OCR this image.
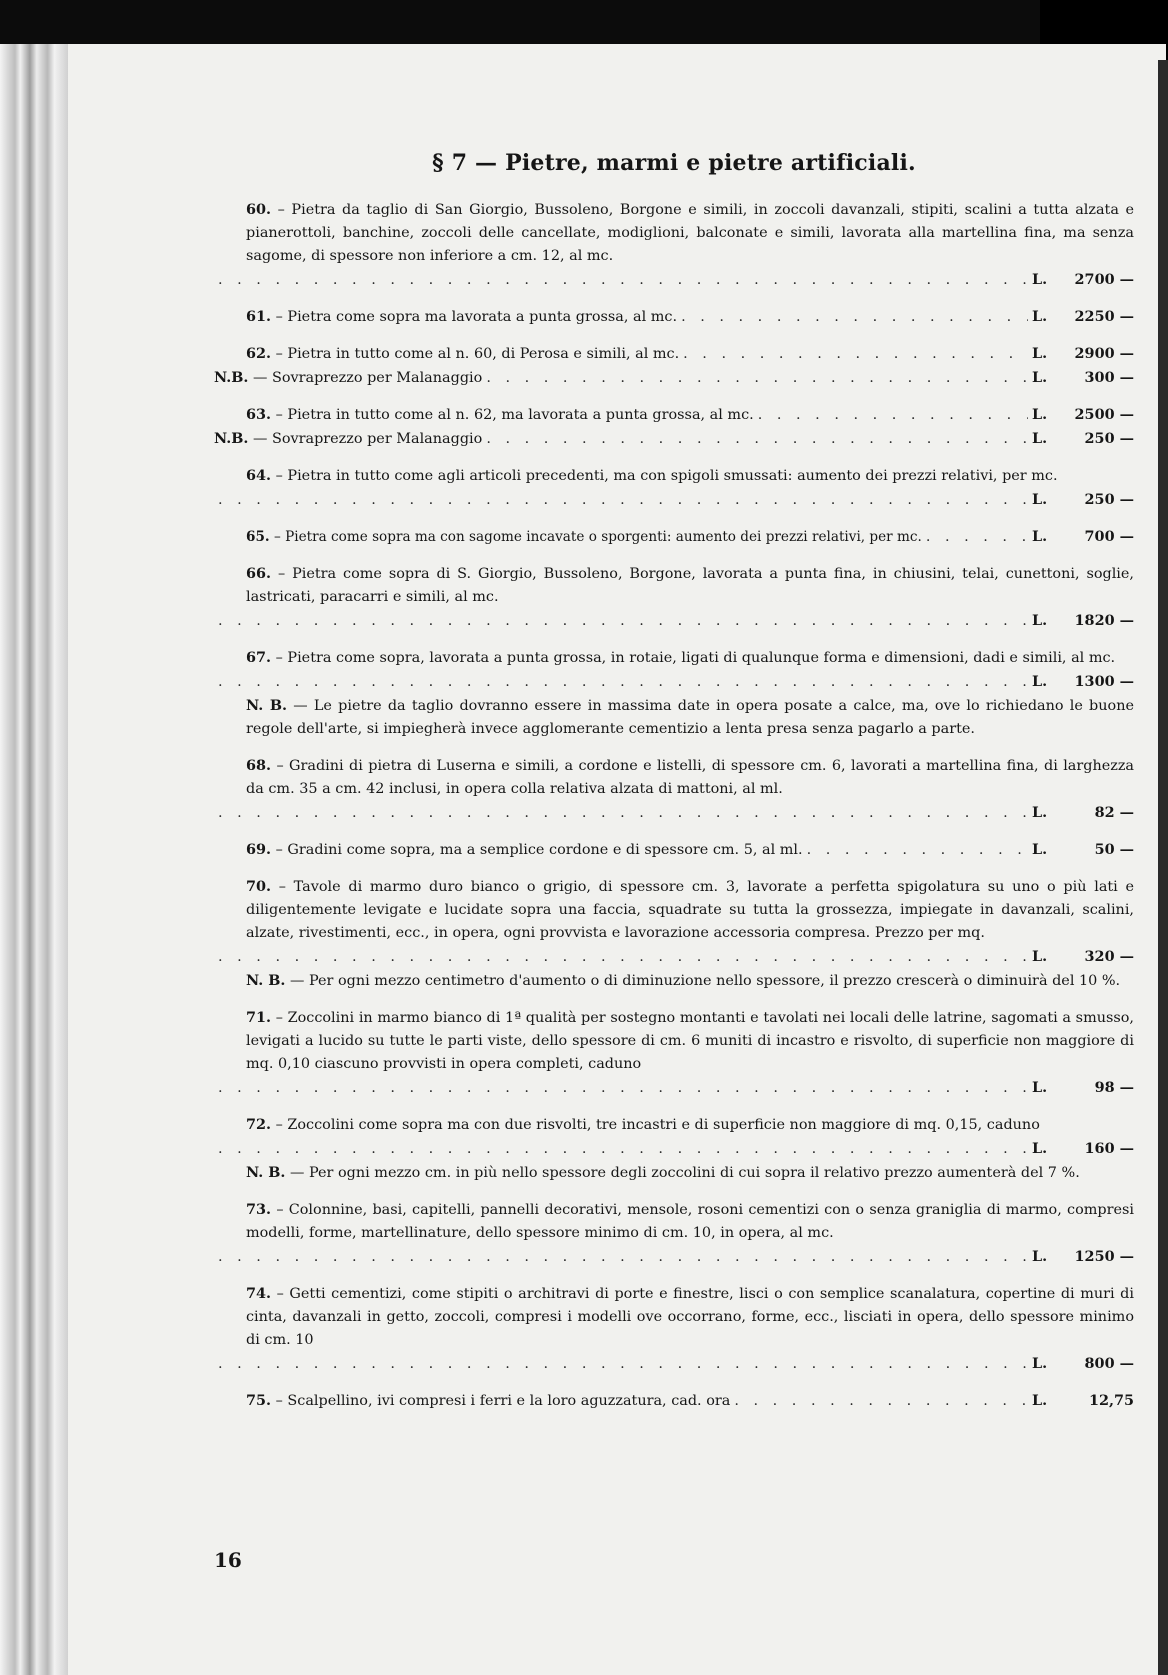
§ 7 — Pietre, marmi e pietre artificiali.
60. – Pietra da taglio di San Giorgio, Bussoleno, Borgone e simili, in zoccoli davanzali, stipiti, scalini a tutta alzata e pianerottoli, banchine, zoccoli delle cancellate, modiglioni, balconate e simili, lavorata alla martellina fina, ma senza sagome, di spessore non inferiore a cm. 12, al mc.
. . .
L.	2700 —
61. – Pietra come sopra ma lavorata a punta grossa, al mc. . . .	L.	2250 —
62. – Pietra in tutto come al n. 60, di Perosa e simili, al mc. . . .	L.	2900 —
N.B. — Sovraprezzo per Malanaggio . . .	L.	300 —
63. – Pietra in tutto come al n. 62, ma lavorata a punta grossa, al mc. . . .	L.	2500 —
N.B. — Sovraprezzo per Malanaggio . . .	L.	250 —
64. – Pietra in tutto come agli articoli precedenti, ma con spigoli smussati: aumento dei prezzi relativi, per mc.
. . .
L.	250 —
65. – Pietra come sopra ma con sagome incavate o sporgenti: aumento dei prezzi relativi, per mc. . . .	L.	700 —
66. – Pietra come sopra di S. Giorgio, Bussoleno, Borgone, lavorata a punta fina, in chiusini, telai, cunettoni, soglie, lastricati, paracarri e simili, al mc.
. . .
L.	1820 —
67. – Pietra come sopra, lavorata a punta grossa, in rotaie, ligati di qualunque forma e dimensioni, dadi e simili, al mc.
. . .
L.	1300 —
N. B. — Le pietre da taglio dovranno essere in massima date in opera posate a calce, ma, ove lo richiedano le buone regole dell'arte, si impiegherà invece agglomerante cementizio a lenta presa senza pagarlo a parte.
68. – Gradini di pietra di Luserna e simili, a cordone e listelli, di spessore cm. 6, lavorati a martellina fina, di larghezza da cm. 35 a cm. 42 inclusi, in opera colla relativa alzata di mattoni, al ml.
. . .
L.	82 —
69. – Gradini come sopra, ma a semplice cordone e di spessore cm. 5, al ml. . . .	L.	50 —
70. – Tavole di marmo duro bianco o grigio, di spessore cm. 3, lavorate a perfetta spigolatura su uno o più lati e diligentemente levigate e lucidate sopra una faccia, squadrate su tutta la grossezza, impiegate in davanzali, scalini, alzate, rivestimenti, ecc., in opera, ogni provvista e lavorazione accessoria compresa. Prezzo per mq.
. . .
L.	320 —
N. B. — Per ogni mezzo centimetro d'aumento o di diminuzione nello spessore, il prezzo crescerà o diminuirà del 10 %.
71. – Zoccolini in marmo bianco di 1ª qualità per sostegno montanti e tavolati nei locali delle latrine, sagomati a smusso, levigati a lucido su tutte le parti viste, dello spessore di cm. 6 muniti di incastro e risvolto, di superficie non maggiore di mq. 0,10 ciascuno provvisti in opera completi, caduno
. . .
L.	98 —
72. – Zoccolini come sopra ma con due risvolti, tre incastri e di superficie non maggiore di mq. 0,15, caduno
. . .
L.	160 —
N. B. — Per ogni mezzo cm. in più nello spessore degli zoccolini di cui sopra il relativo prezzo aumenterà del 7 %.
73. – Colonnine, basi, capitelli, pannelli decorativi, mensole, rosoni cementizi con o senza graniglia di marmo, compresi modelli, forme, martellinature, dello spessore minimo di cm. 10, in opera, al mc.
. . .
L.	1250 —
74. – Getti cementizi, come stipiti o architravi di porte e finestre, lisci o con semplice scanalatura, copertine di muri di cinta, davanzali in getto, zoccoli, compresi i modelli ove occorrano, forme, ecc., lisciati in opera, dello spessore minimo di cm. 10
. . .
L.	800 —
75. – Scalpellino, ivi compresi i ferri e la loro aguzzatura, cad. ora . . .	L.	12,75
16
